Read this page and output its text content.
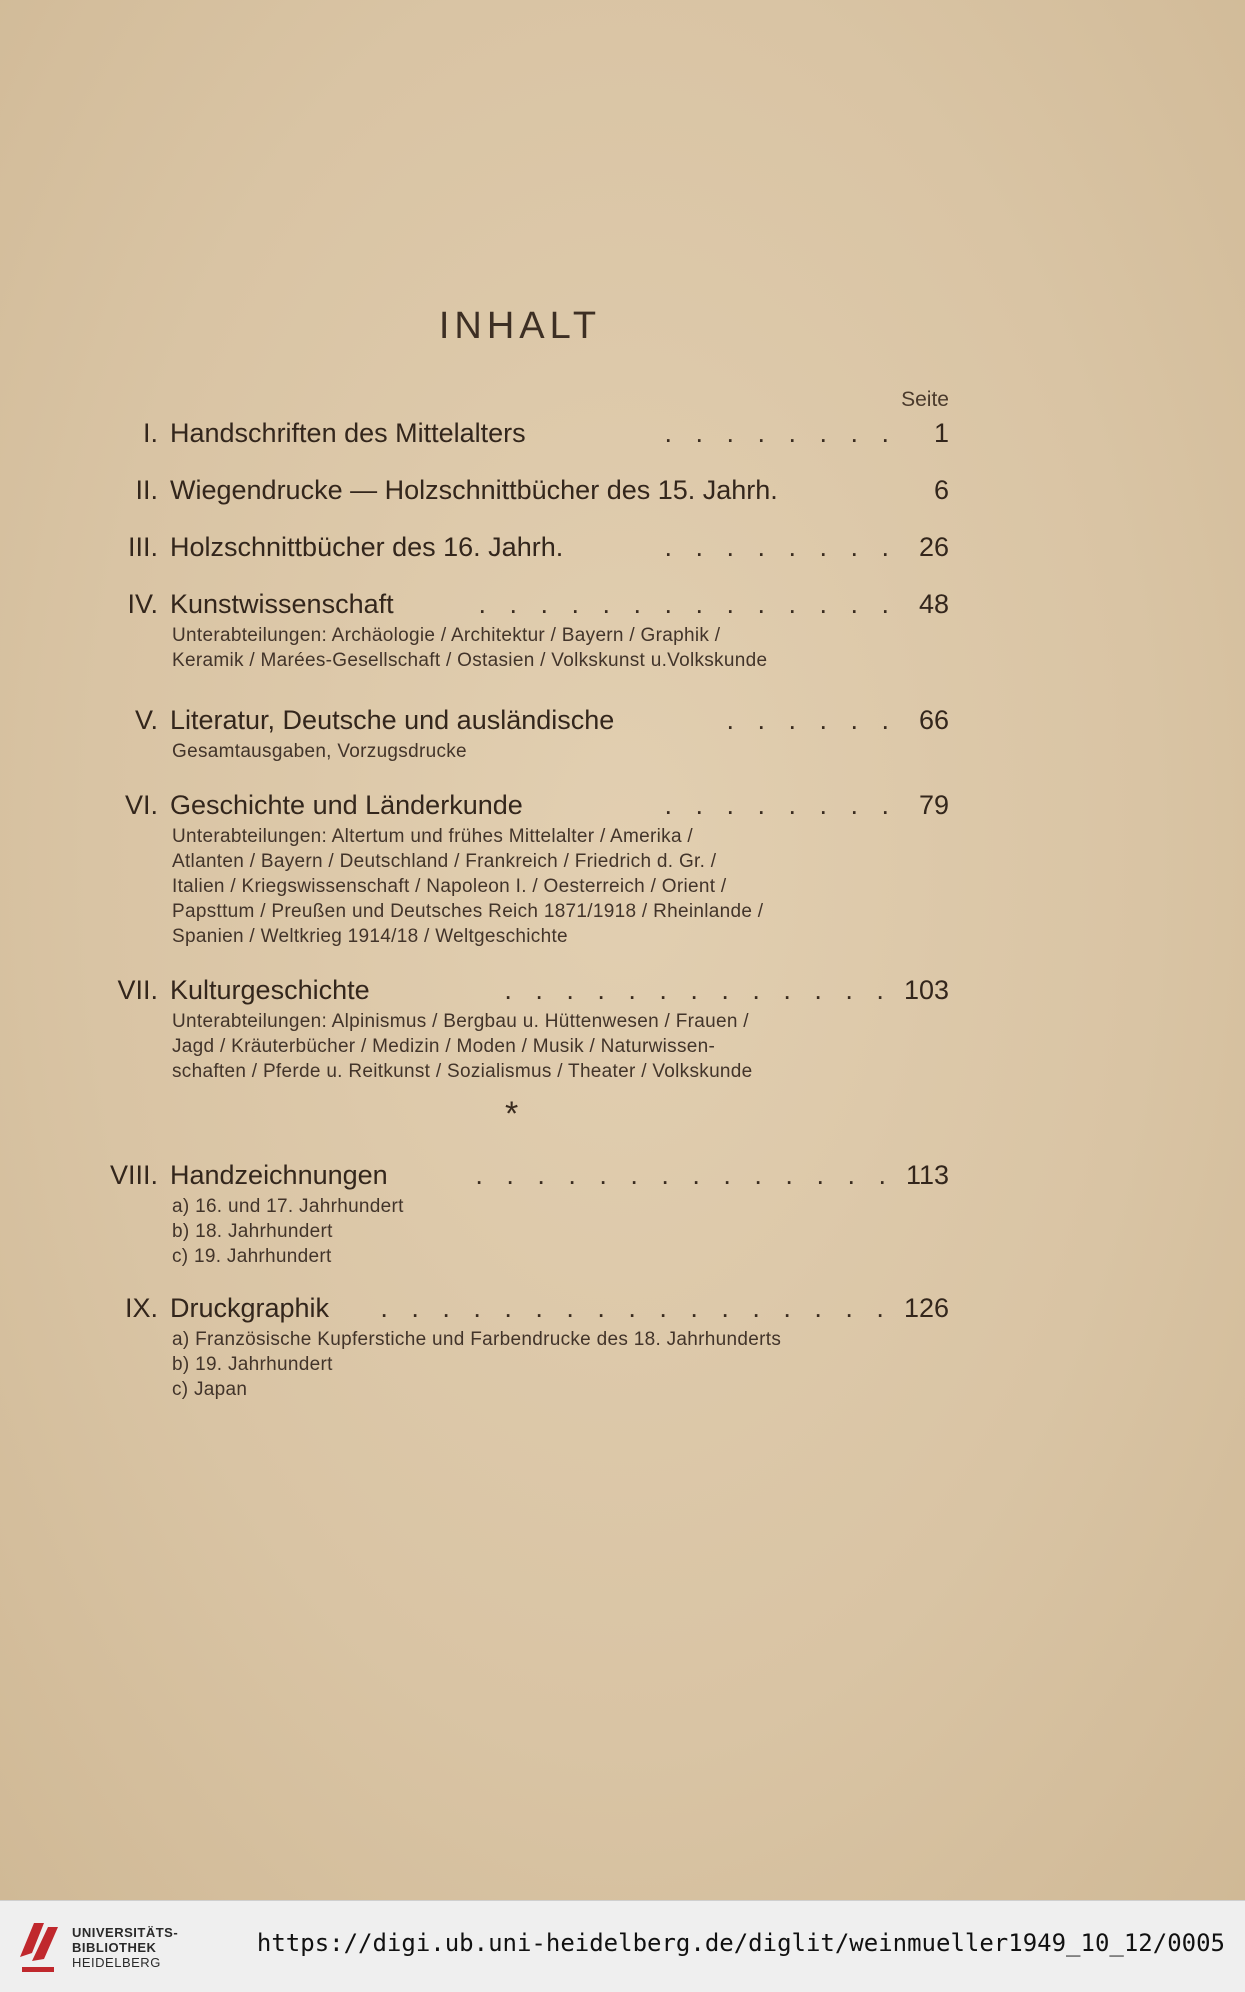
INHALT
Seite
I. Handschriften des Mittelalters	. . . . . . . .	1
II. Wiegendrucke — Holzschnittbücher des 15. Jahrh.	6
III. Holzschnittbücher des 16. Jahrh.	. . . . . . . . 26
IV. Kunstwissenschaft	. . . . . . . . . . . . . . 48
Unterabteilungen: Archäologie / Architektur / Bayern / Graphik /
Keramik / Marées-Gesellschaft / Ostasien / Volkskunst u.Volkskunde
V. Literatur, Deutsche und ausländische	. . . . . . 66
Gesamtausgaben, Vorzugsdrucke
VI. Geschichte und Länderkunde	. . . . . . . . 79
Unterabteilungen: Altertum und frühes Mittelalter / Amerika /
Atlanten / Bayern / Deutschland / Frankreich / Friedrich d. Gr. /
Italien / Kriegswissenschaft / Napoleon I. / Oesterreich / Orient /
Papsttum / Preußen und Deutsches Reich 1871/1918 / Rheinlande /
Spanien / Weltkrieg 1914/18 / Weltgeschichte
VII. Kulturgeschichte	. . . . . . . . . . . . . 103
Unterabteilungen: Alpinismus / Bergbau u. Hüttenwesen / Frauen /
Jagd / Kräuterbücher / Medizin / Moden / Musik / Naturwissen-
schaften / Pferde u. Reitkunst / Sozialismus / Theater / Volkskunde
VIII. Handzeichnungen	. . . . . . . . . . . . . . 113
a) 16. und 17. Jahrhundert
b) 18. Jahrhundert
c) 19. Jahrhundert
IX. Druckgraphik	. . . . . . . . . . . . . . . . . 126
a) Französische Kupferstiche und Farbendrucke des 18. Jahrhunderts
b) 19. Jahrhundert
c) Japan
*
UNIVERSITÄTS-
BIBLIOTHEK
HEIDELBERG
https://digi.ub.uni-heidelberg.de/diglit/weinmueller1949_10_12/0005
